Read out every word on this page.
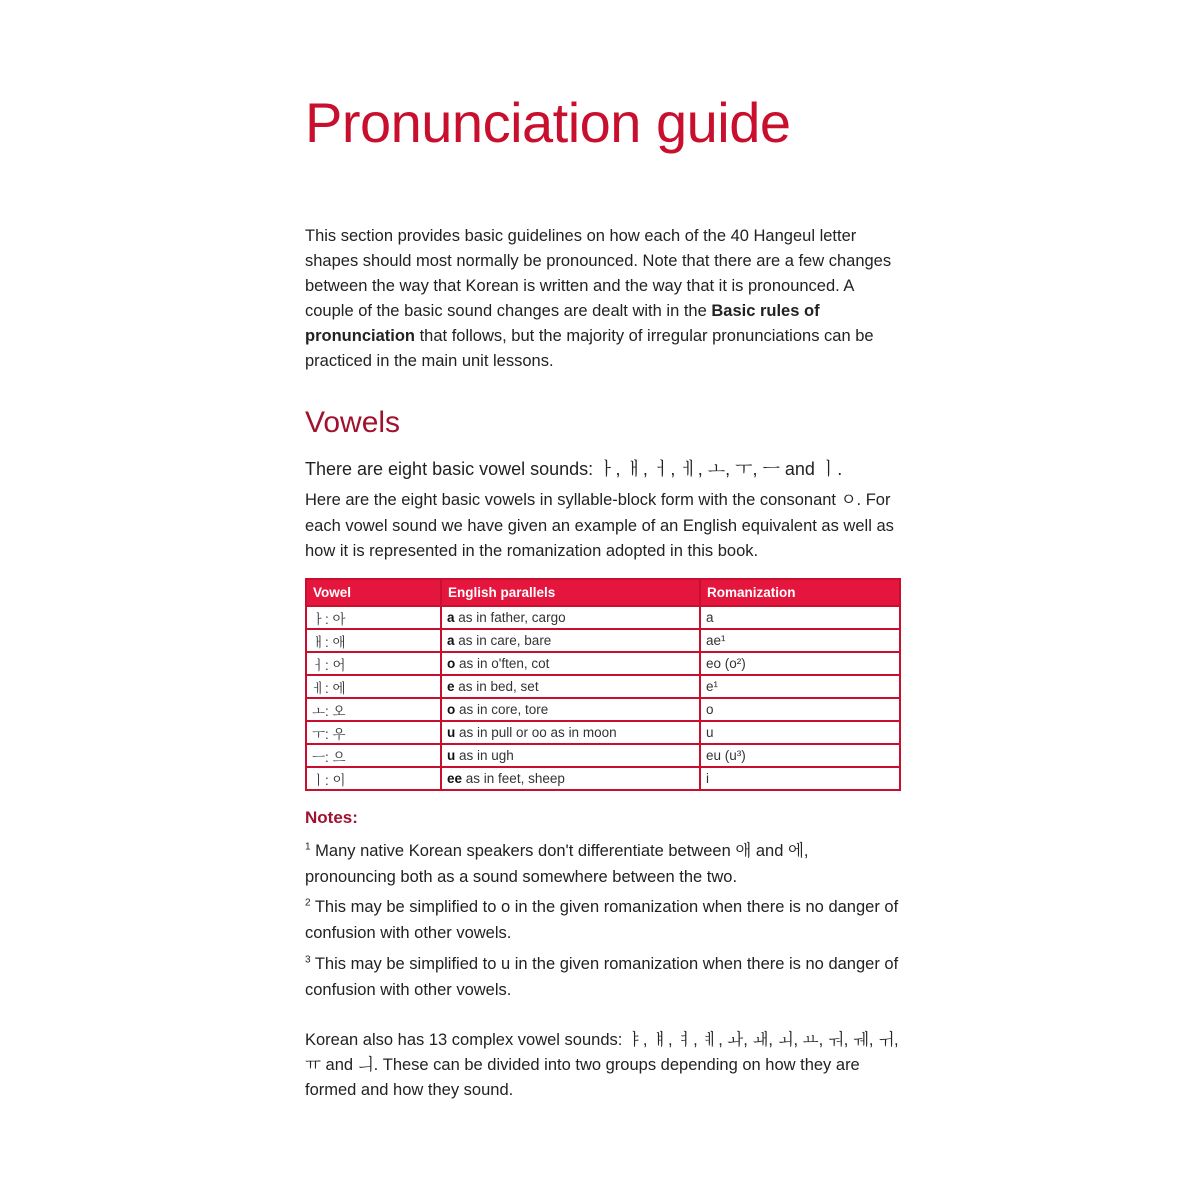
Pronunciation guide

This section provides basic guidelines on how each of the 40 Hangeul letter shapes should most normally be pronounced. Note that there are a few changes between the way that Korean is written and the way that it is pronounced. A couple of the basic sound changes are dealt with in the Basic rules of pronunciation that follows, but the majority of irregular pronunciations can be practiced in the main unit lessons.

Vowels

There are eight basic vowel sounds: ㅏ, ㅐ, ㅓ, ㅔ, ㅗ, ㅜ, ㅡ and ㅣ.

Here are the eight basic vowels in syllable-block form with the consonant ㅇ. For each vowel sound we have given an example of an English equivalent as well as how it is represented in the romanization adopted in this book.

Vowel	English parallels	Romanization
ㅏ: 아	a as in father, cargo	a
ㅐ: 애	a as in care, bare	ae¹
ㅓ: 어	o as in o'ften, cot	eo (o²)
ㅔ: 에	e as in bed, set	e¹
ㅗ: 오	o as in core, tore	o
ㅜ: 우	u as in pull or oo as in moon	u
ㅡ: 으	u as in ugh	eu (u³)
ㅣ: 이	ee as in feet, sheep	i

Notes:

$^1$ Many native Korean speakers don't differentiate between 애 and 에, pronouncing both as a sound somewhere between the two.

$^2$ This may be simplified to o in the given romanization when there is no danger of confusion with other vowels.

$^3$ This may be simplified to u in the given romanization when there is no danger of confusion with other vowels.

Korean also has 13 complex vowel sounds: ㅑ, ㅒ, ㅕ, ㅖ, ㅘ, ㅙ, ㅚ, ㅛ, ㅝ, ㅞ, ㅟ, ㅠ and ㅢ. These can be divided into two groups depending on how they are formed and how they sound.
